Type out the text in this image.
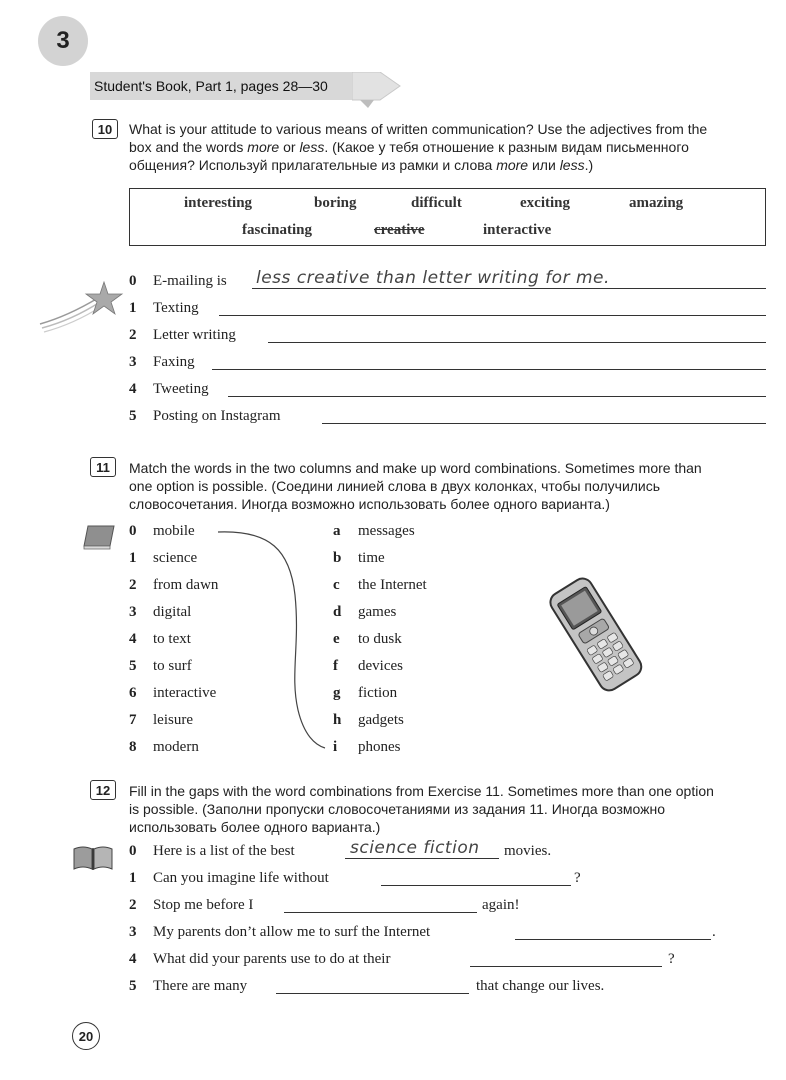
3
Student's Book, Part 1, pages 28—30
10 What is your attitude to various means of written communication? Use the adjectives from the
box and the words more or less. (Какое у тебя отношение к разным видам письменного
общения? Используй прилагательные из рамки и слова more или less.)
interesting	boring	difficult	exciting	amazing
fascinating	creative	interactive
0 E-mailing is less creative than letter writing for me.
1 Texting
2 Letter writing
3 Faxing
4 Tweeting
5 Posting on Instagram
11 Match the words in the two columns and make up word combinations. Sometimes more than
one option is possible. (Соедини линией слова в двух колонках, чтобы получились
словосочетания. Иногда возможно использовать более одного варианта.)
0 mobile
1 science
2 from dawn
3 digital
4 to text
5 to surf
6 interactive
7 leisure
8 modern
a messages
b time
c the Internet
d games
e to dusk
f devices
g fiction
h gadgets
i phones
12 Fill in the gaps with the word combinations from Exercise 11. Sometimes more than one option
is possible. (Заполни пропуски словосочетаниями из задания 11. Иногда возможно
использовать более одного варианта.)
0 Here is a list of the best	science fiction movies.
1 Can you imagine life without	?
2 Stop me before I	again!
3 My parents don’t allow me to surf the Internet	.
4 What did your parents use to do at their	?
5 There are many	that change our lives.
20
